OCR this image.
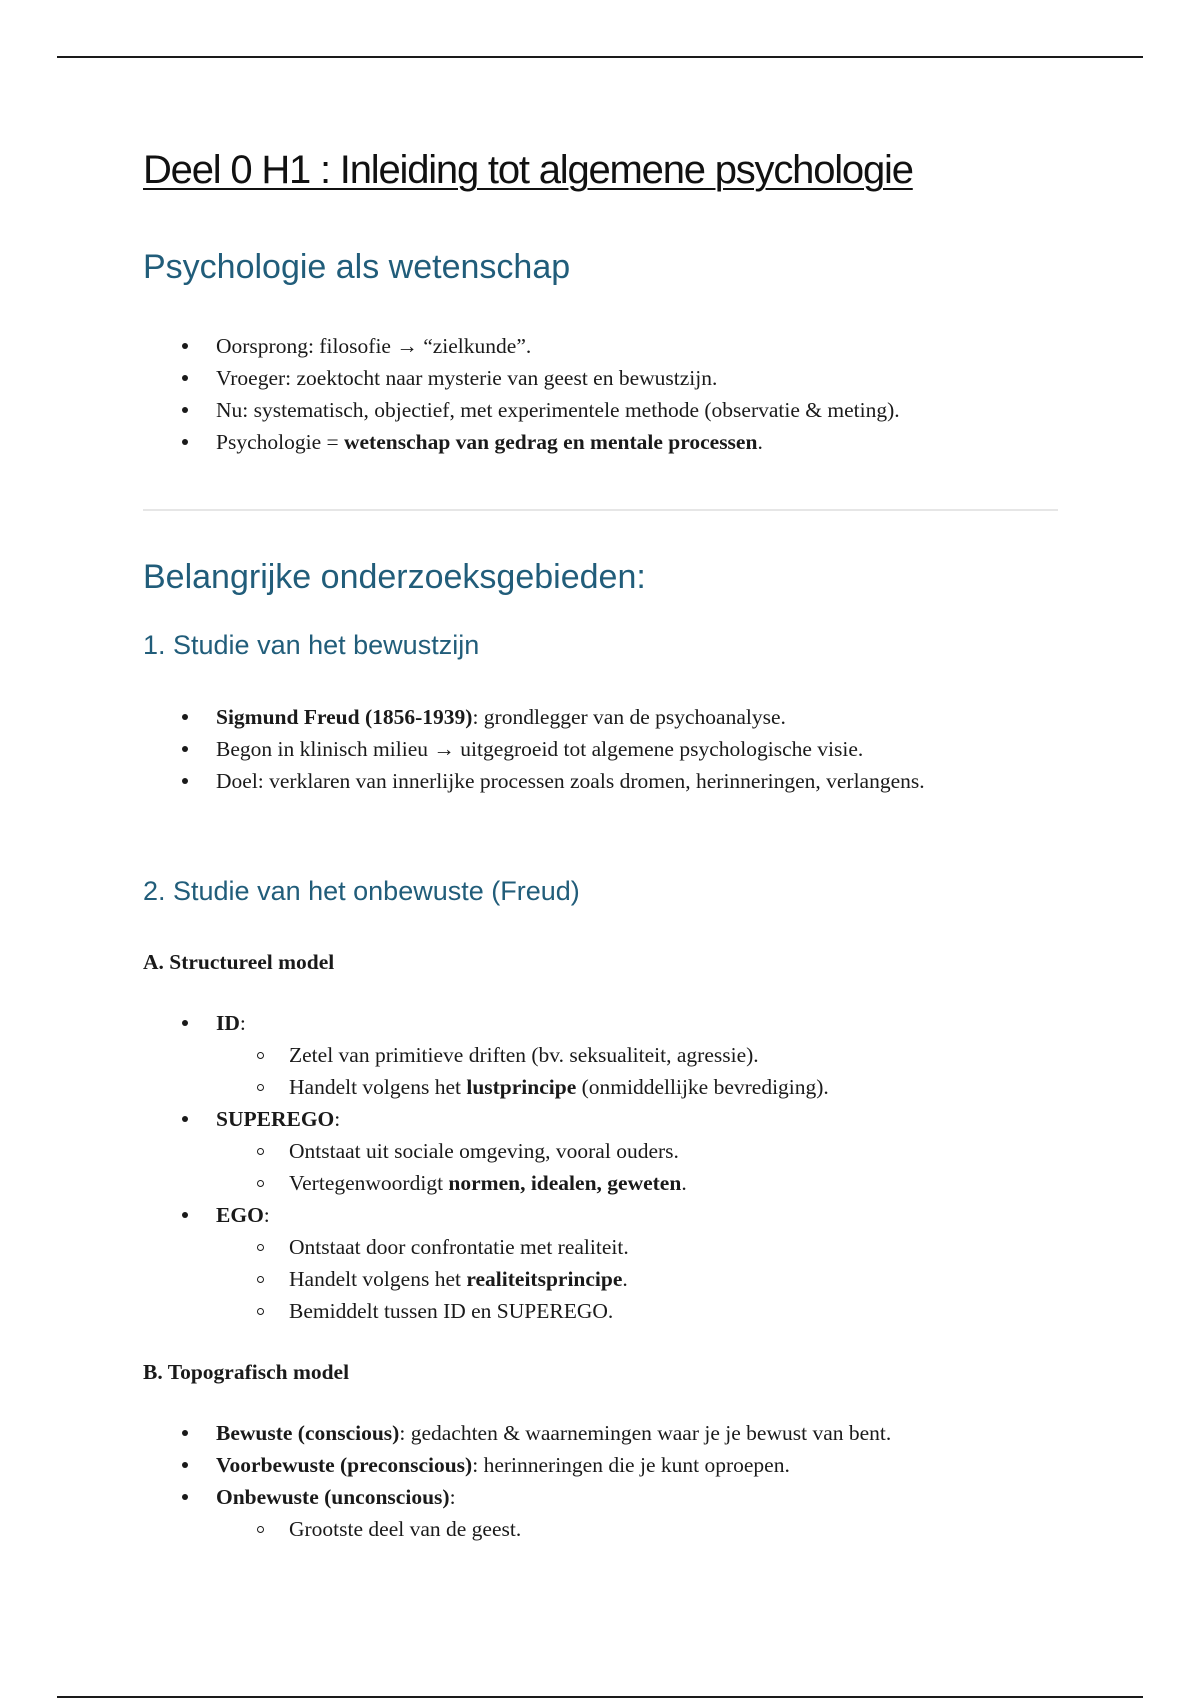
Deel 0 H1 : Inleiding tot algemene psychologie
Psychologie als wetenschap
Oorsprong: filosofie → “zielkunde”.
Vroeger: zoektocht naar mysterie van geest en bewustzijn.
Nu: systematisch, objectief, met experimentele methode (observatie & meting).
Psychologie = wetenschap van gedrag en mentale processen.
Belangrijke onderzoeksgebieden:
1. Studie van het bewustzijn
Sigmund Freud (1856-1939): grondlegger van de psychoanalyse.
Begon in klinisch milieu → uitgegroeid tot algemene psychologische visie.
Doel: verklaren van innerlijke processen zoals dromen, herinneringen, verlangens.
2. Studie van het onbewuste (Freud)
A. Structureel model
ID:
Zetel van primitieve driften (bv. seksualiteit, agressie).
Handelt volgens het lustprincipe (onmiddellijke bevrediging).
SUPEREGO:
Ontstaat uit sociale omgeving, vooral ouders.
Vertegenwoordigt normen, idealen, geweten.
EGO:
Ontstaat door confrontatie met realiteit.
Handelt volgens het realiteitsprincipe.
Bemiddelt tussen ID en SUPEREGO.
B. Topografisch model
Bewuste (conscious): gedachten & waarnemingen waar je je bewust van bent.
Voorbewuste (preconscious): herinneringen die je kunt oproepen.
Onbewuste (unconscious):
Grootste deel van de geest.
